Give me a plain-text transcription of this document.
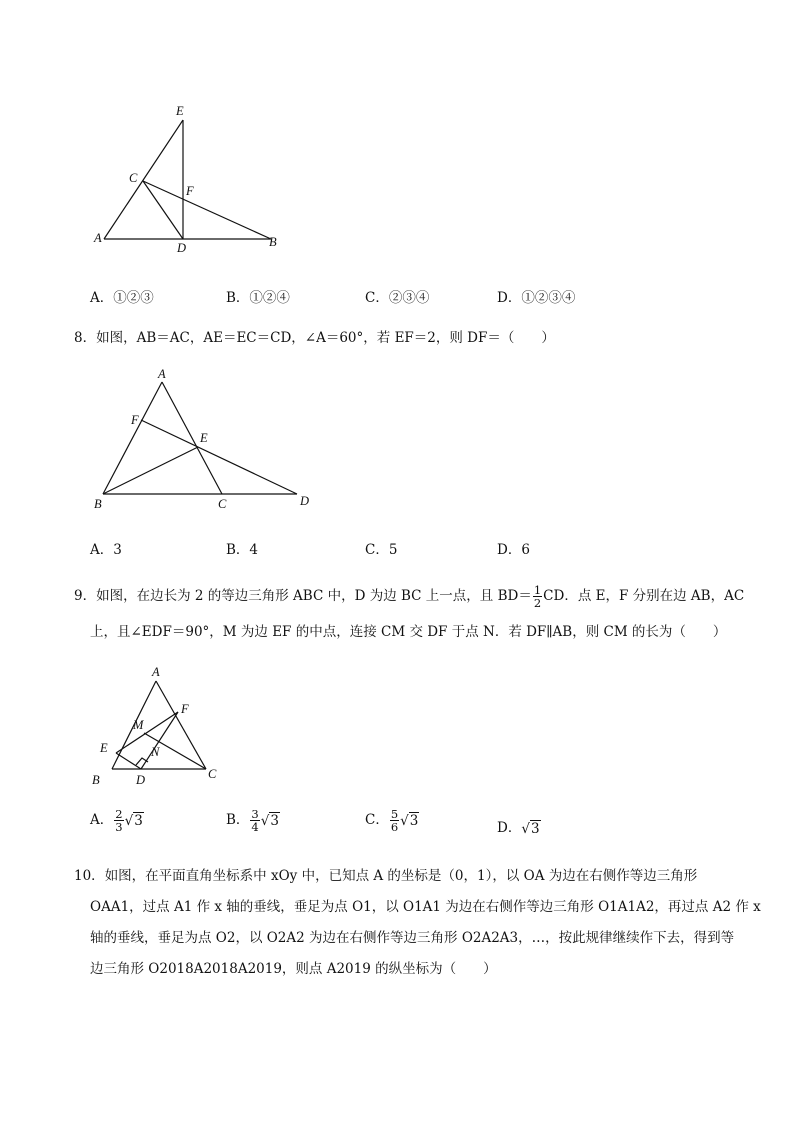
E
C
F
A
D	B
A．①②③	B．①②④	C．②③④	D．①②③④
8．如图，AB＝AC，AE＝EC＝CD，∠A＝60°，若 EF＝2，则 DF＝（　　）
A
F
E
B	C	D
A．3	B．4	C．5	D．6
9．如图，在边长为 2 的等边三角形 ABC 中，D 为边 BC 上一点，且 $BD= \frac{1}{2}$ CD．点 E，F 分别在边 AB，AC
上，且∠EDF＝90°，M 为边 EF 的中点，连接 CM 交 DF 于点 N．若 DF∥AB，则 CM 的长为（　　）
A
F
M
E	N
B	D	C
A． $\frac{2}{3} √3$	B． $\frac{3}{4} √3$	C． $\frac{5}{6} √3$	D．√3
10．如图，在平面直角坐标系中 xOy 中，已知点 A 的坐标是（0，1），以 OA 为边在右侧作等边三角形
OAA1，过点 A1 作 x 轴的垂线，垂足为点 O1，以 O1A1 为边在右侧作等边三角形 O1A1A2，再过点 A2 作 x
轴的垂线，垂足为点 O2，以 O2A2 为边在右侧作等边三角形 O2A2A3，…，按此规律继续作下去，得到等
边三角形 O2018A2018A2019，则点 A2019 的纵坐标为（　　）
